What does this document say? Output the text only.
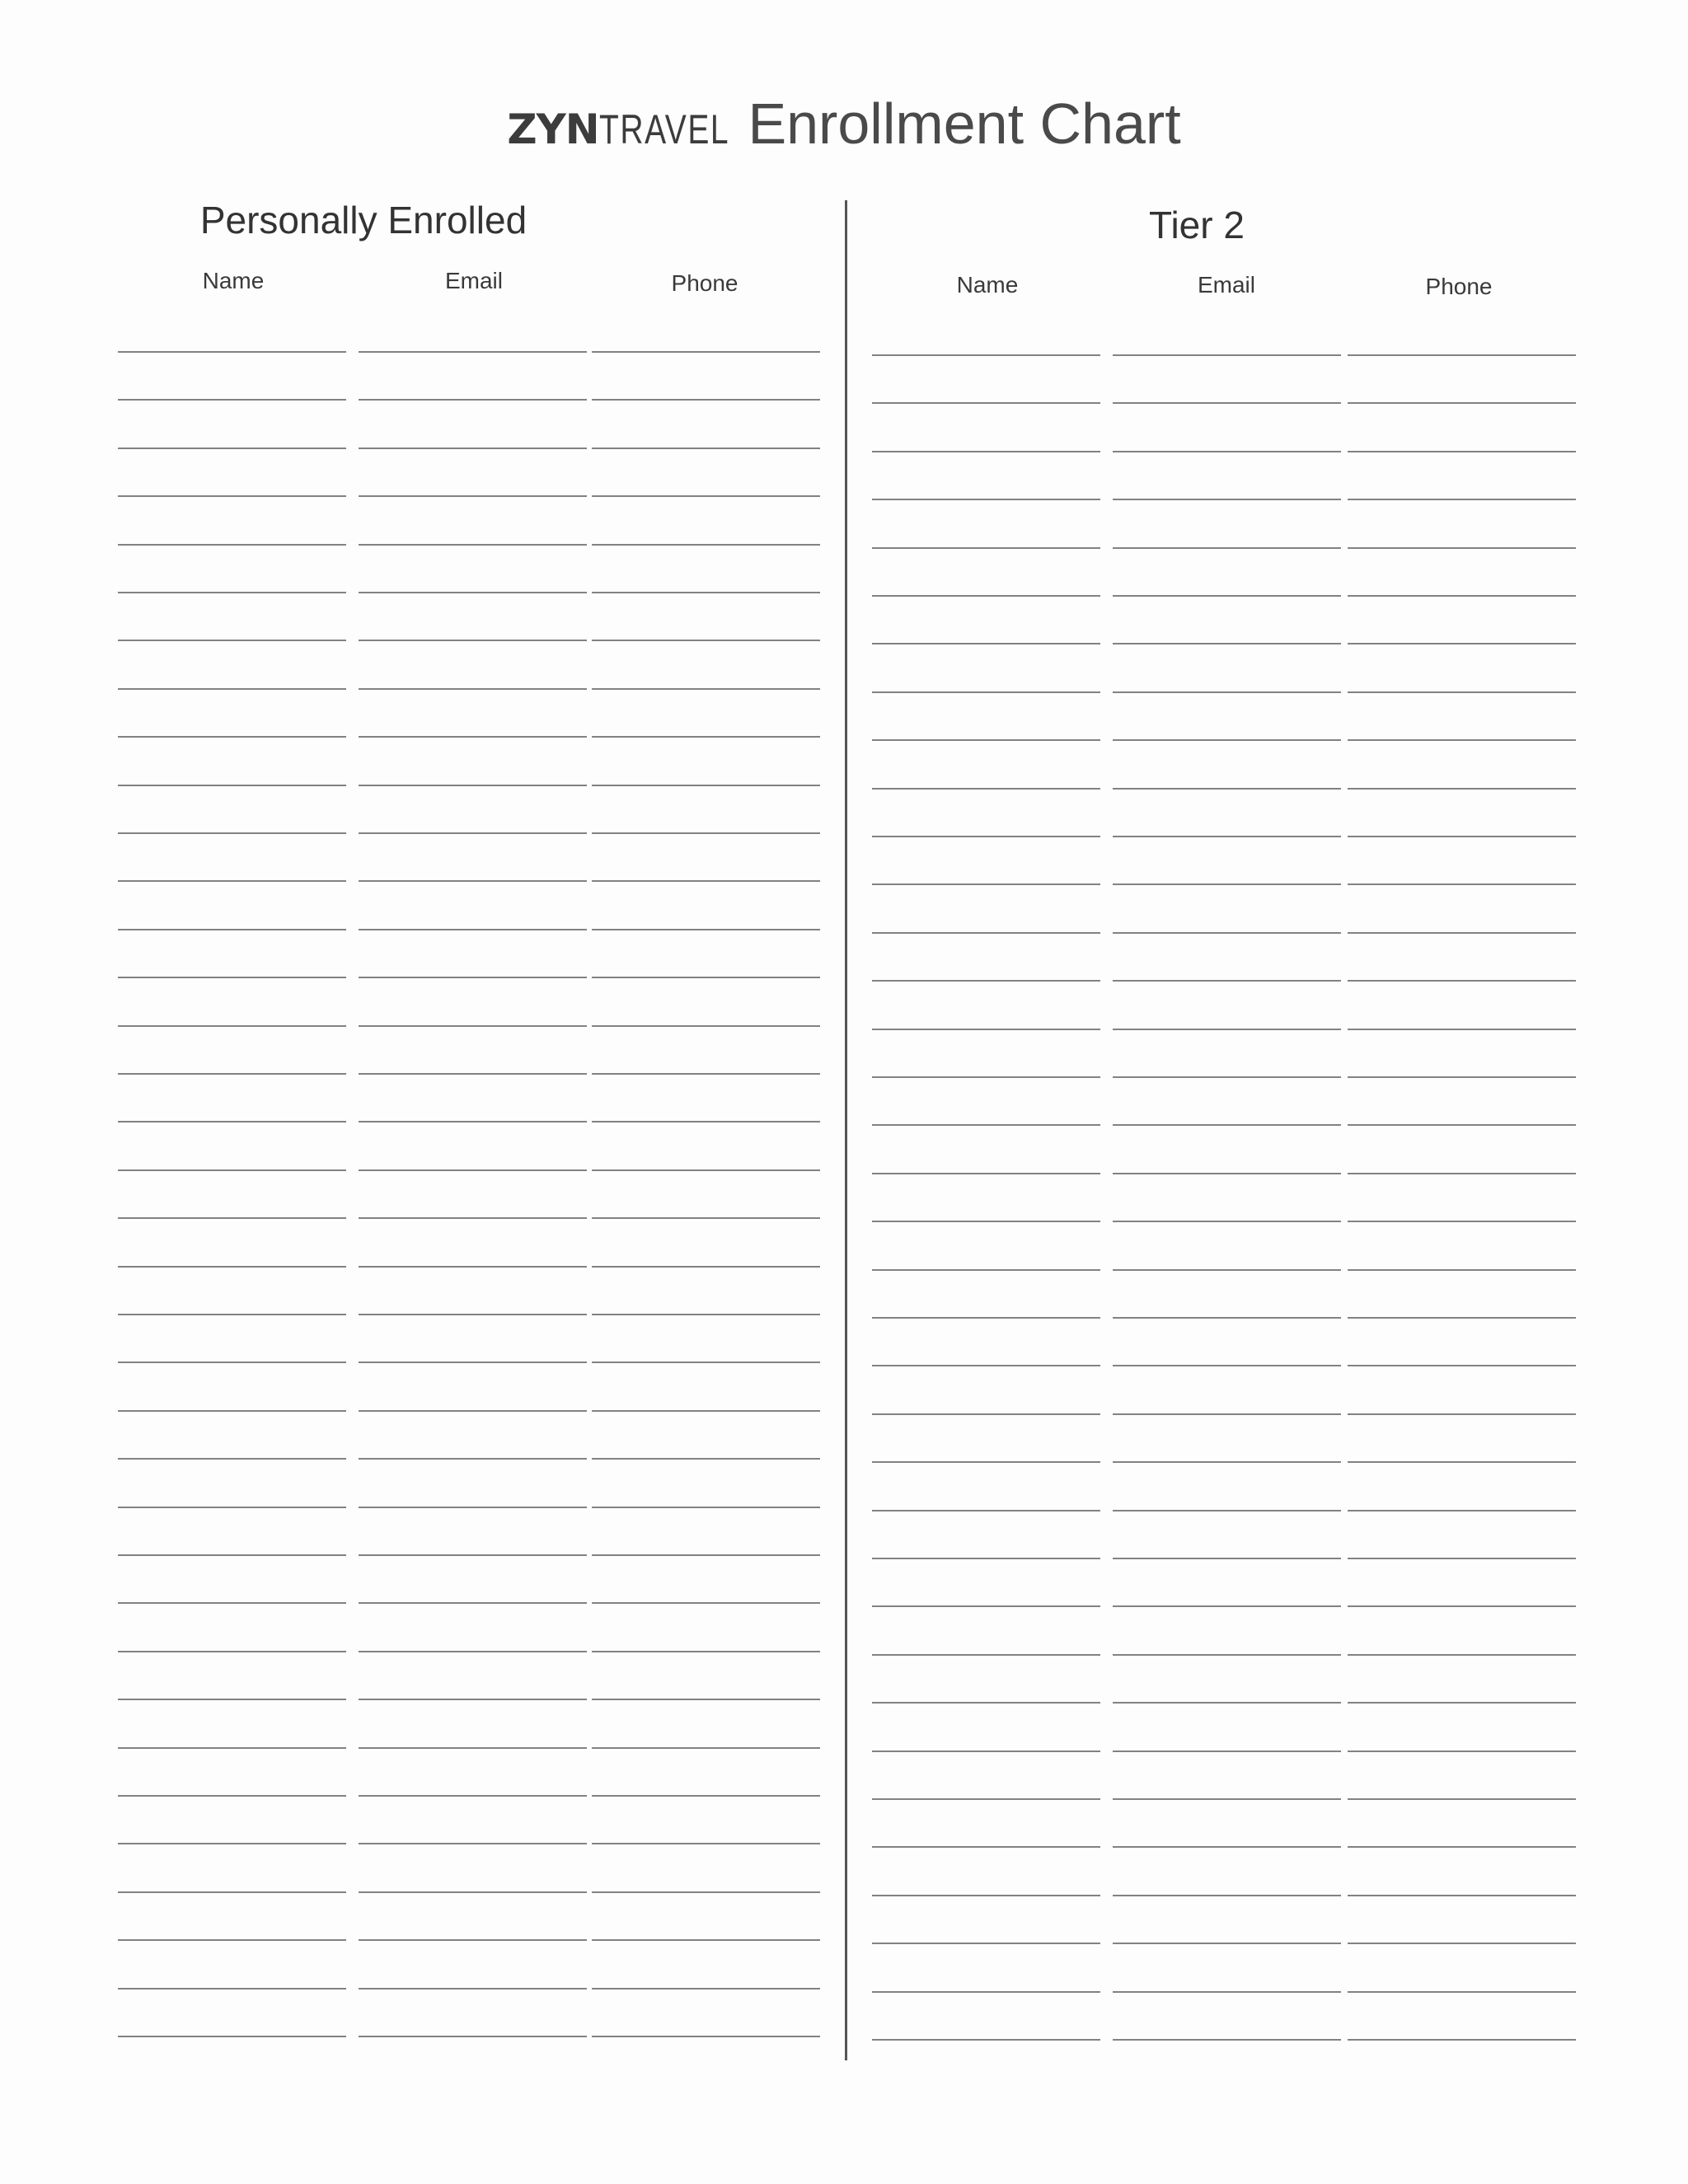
ZYNTRAVEL Enrollment Chart
Personally Enrolled
Name	Email	Phone
Tier 2
Name	Email	Phone
